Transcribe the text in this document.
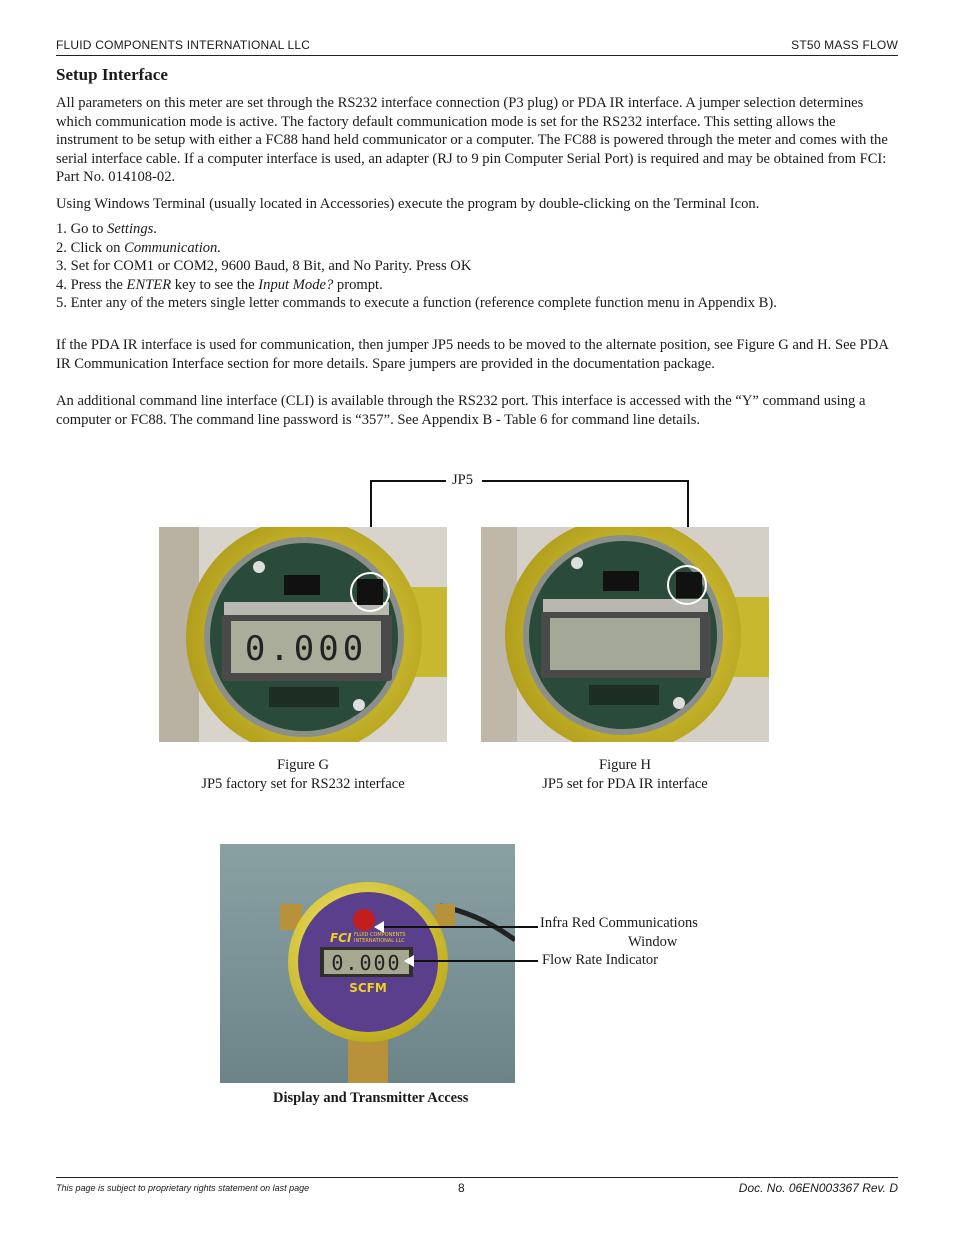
FLUID COMPONENTS INTERNATIONAL LLC	ST50 MASS FLOW
Setup Interface

All parameters on this meter are set through the RS232 interface connection (P3 plug) or PDA IR interface. A jumper selection determines which communication mode is active. The factory default communication mode is set for the RS232 interface. This setting allows the instrument to be setup with either a FC88 hand held communicator or a computer. The FC88 is powered through the meter and comes with the serial interface cable. If a computer interface is used, an adapter (RJ to 9 pin Computer Serial Port) is required and may be obtained from FCI: Part No. 014108-02.

Using Windows Terminal (usually located in Accessories) execute the program by double-clicking on the Terminal Icon.

1. Go to Settings.
2. Click on Communication.
3. Set for COM1 or COM2, 9600 Baud, 8 Bit, and No Parity. Press OK
4. Press the ENTER key to see the Input Mode? prompt.
5. Enter any of the meters single letter commands to execute a function (reference complete function menu in Appendix B).

If the PDA IR interface is used for communication, then jumper JP5 needs to be moved to the alternate position, see Figure G and H. See PDA IR Communication Interface section for more details. Spare jumpers are provided in the documentation package.

An additional command line interface (CLI) is available through the RS232 port. This interface is accessed with the “Y” command using a computer or FC88. The command line password is “357”. See Appendix B - Table 6 for command line details.

JP5
0.000
Figure G
JP5 factory set for RS232 interface
Figure H
JP5 set for PDA IR interface
FCI FLUID COMPONENTS
INTERNATIONAL LLC
0.000
SCFM
Infra Red Communications
Window
Flow Rate Indicator
Display and Transmitter Access
This page is subject to proprietary rights statement on last page	8	Doc. No. 06EN003367 Rev. D
